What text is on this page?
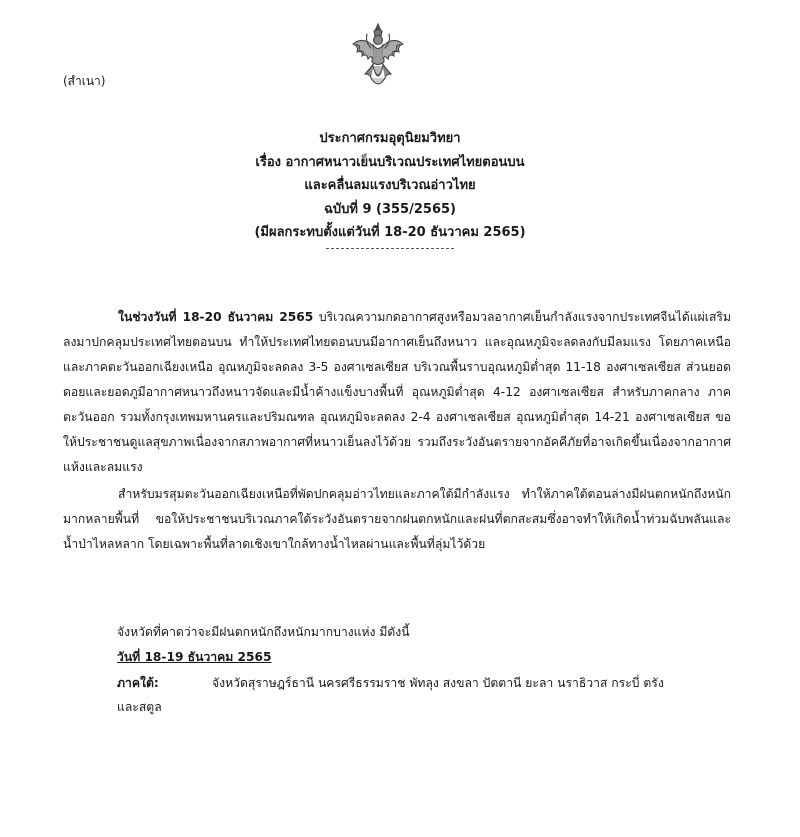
(สำเนา)
ประกาศกรมอุตุนิยมวิทยา
เรื่อง อากาศหนาวเย็นบริเวณประเทศไทยตอนบน
และคลื่นลมแรงบริเวณอ่าวไทย
ฉบับที่ 9 (355/2565)
(มีผลกระทบตั้งแต่วันที่ 18-20 ธันวาคม 2565)

ในช่วงวันที่ 18-20 ธันวาคม 2565 บริเวณความกดอากาศสูงหรือมวลอากาศเย็นกำลังแรงจากประเทศจีนได้แผ่เสริมลงมาปกคลุมประเทศไทยตอนบน ทำให้ประเทศไทยตอนบนมีอากาศเย็นถึงหนาว และอุณหภูมิจะลดลงกับมีลมแรง โดยภาคเหนือและภาคตะวันออกเฉียงเหนือ อุณหภูมิจะลดลง 3-5 องศาเซลเซียส บริเวณพื้นราบอุณหภูมิต่ำสุด 11-18 องศาเซลเซียส ส่วนยอดดอยและยอดภูมีอากาศหนาวถึงหนาวจัดและมีน้ำค้างแข็งบางพื้นที่ อุณหภูมิต่ำสุด 4-12 องศาเซลเซียส สำหรับภาคกลาง ภาคตะวันออก รวมทั้งกรุงเทพมหานครและปริมณฑล อุณหภูมิจะลดลง 2-4 องศาเซลเซียส อุณหภูมิต่ำสุด 14-21 องศาเซลเซียส ขอให้ประชาชนดูแลสุขภาพเนื่องจากสภาพอากาศที่หนาวเย็นลงไว้ด้วย รวมถึงระวังอันตรายจากอัคคีภัยที่อาจเกิดขึ้นเนื่องจากอากาศแห้งและลมแรง

สำหรับมรสุมตะวันออกเฉียงเหนือที่พัดปกคลุมอ่าวไทยและภาคใต้มีกำลังแรง ทำให้ภาคใต้ตอนล่างมีฝนตกหนักถึงหนักมากหลายพื้นที่ ขอให้ประชาชนบริเวณภาคใต้ระวังอันตรายจากฝนตกหนักและฝนที่ตกสะสมซึ่งอาจทำให้เกิดน้ำท่วมฉับพลันและน้ำป่าไหลหลาก โดยเฉพาะพื้นที่ลาดเชิงเขาใกล้ทางน้ำไหลผ่านและพื้นที่ลุ่มไว้ด้วย

จังหวัดที่คาดว่าจะมีฝนตกหนักถึงหนักมากบางแห่ง มีดังนี้

วันที่ 18-19 ธันวาคม 2565

ภาคใต้:	จังหวัดสุราษฎร์ธานี นครศรีธรรมราช พัทลุง สงขลา ปัตตานี ยะลา นราธิวาส กระบี่ ตรัง
และสตูล
